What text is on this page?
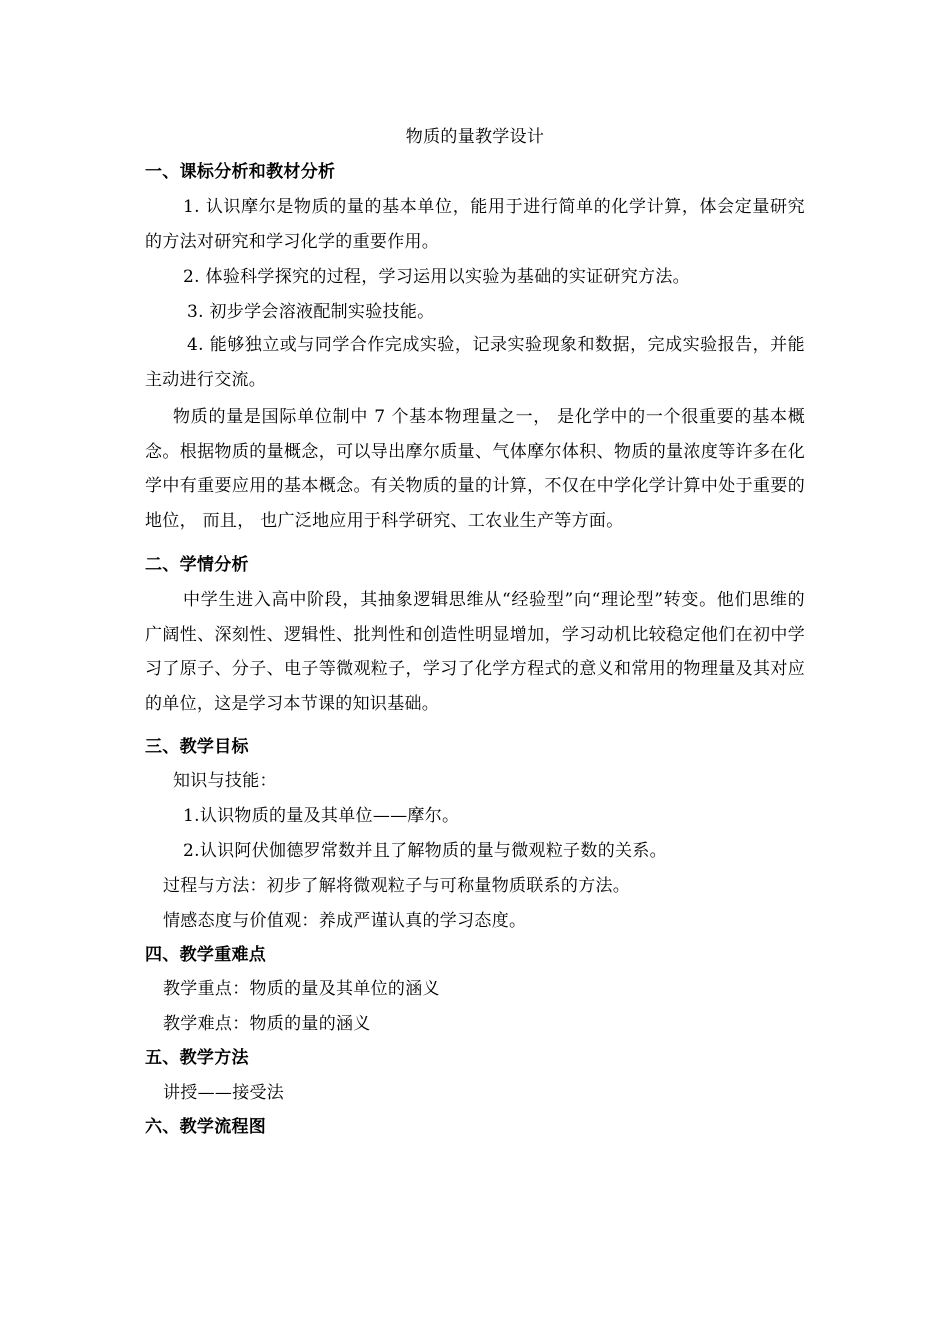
物质的量教学设计
一、课标分析和教材分析
1. 认识摩尔是物质的量的基本单位，能用于进行简单的化学计算，体会定量研究的方法对研究和学习化学的重要作用。
2. 体验科学探究的过程，学习运用以实验为基础的实证研究方法。
3. 初步学会溶液配制实验技能。
4. 能够独立或与同学合作完成实验，记录实验现象和数据，完成实验报告，并能主动进行交流。
物质的量是国际单位制中 7 个基本物理量之一， 是化学中的一个很重要的基本概念。根据物质的量概念，可以导出摩尔质量、气体摩尔体积、物质的量浓度等许多在化学中有重要应用的基本概念。有关物质的量的计算，不仅在中学化学计算中处于重要的地位， 而且， 也广泛地应用于科学研究、工农业生产等方面。
二、学情分析
中学生进入高中阶段，其抽象逻辑思维从“经验型”向“理论型”转变。他们思维的广阔性、深刻性、逻辑性、批判性和创造性明显增加，学习动机比较稳定他们在初中学习了原子、分子、电子等微观粒子，学习了化学方程式的意义和常用的物理量及其对应的单位，这是学习本节课的知识基础。
三、教学目标
知识与技能：
1.认识物质的量及其单位——摩尔。
2.认识阿伏伽德罗常数并且了解物质的量与微观粒子数的关系。
过程与方法：初步了解将微观粒子与可称量物质联系的方法。
情感态度与价值观：养成严谨认真的学习态度。
四、教学重难点
教学重点：物质的量及其单位的涵义
教学难点：物质的量的涵义
五、教学方法
讲授——接受法
六、教学流程图
